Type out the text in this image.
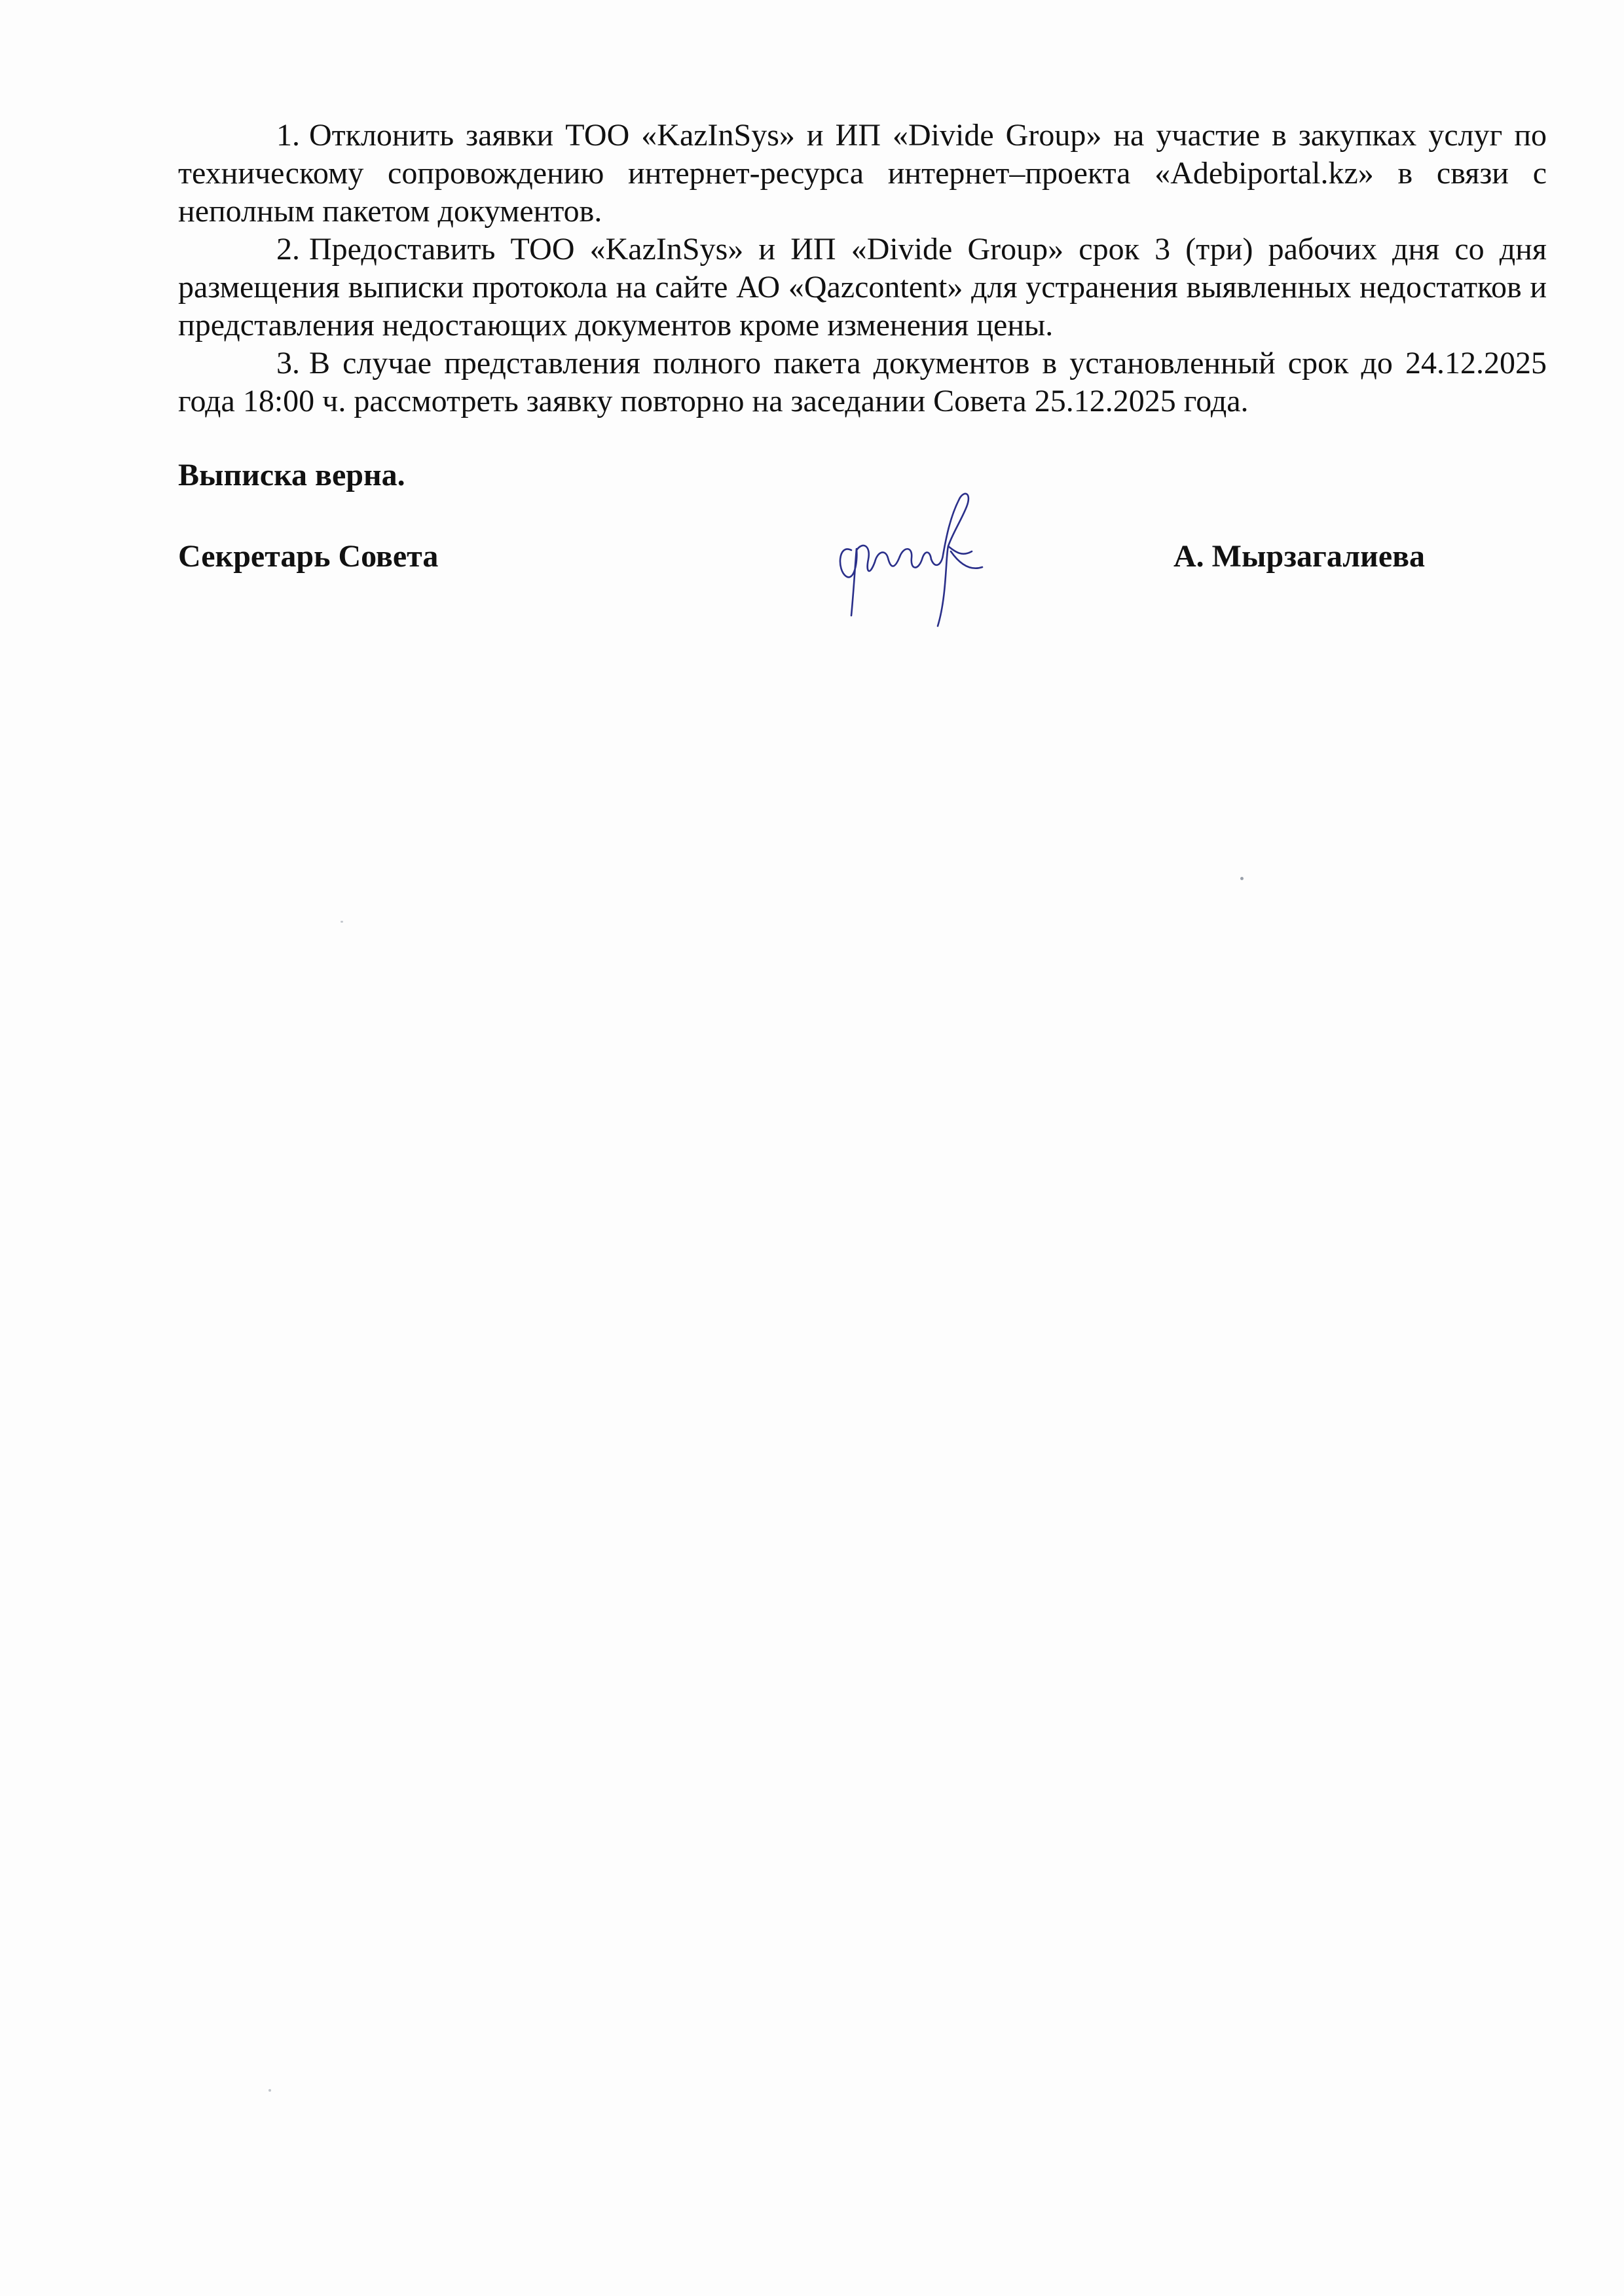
1. Отклонить заявки ТОО «KazInSys» и ИП «Divide Group» на участие в закупках услуг по техническому сопровождению интернет-ресурса интернет–проекта «Adebiportal.kz» в связи с неполным пакетом документов.

2. Предоставить ТОО «KazInSys» и ИП «Divide Group» срок 3 (три) рабочих дня со дня размещения выписки протокола на сайте АО «Qazcontent» для устранения выявленных недостатков и представления недостающих документов кроме изменения цены.

3. В случае представления полного пакета документов в установленный срок до 24.12.2025 года 18:00 ч. рассмотреть заявку повторно на заседании Совета 25.12.2025 года.

Выписка верна.

Секретарь Совета	А. Мырзагалиева
